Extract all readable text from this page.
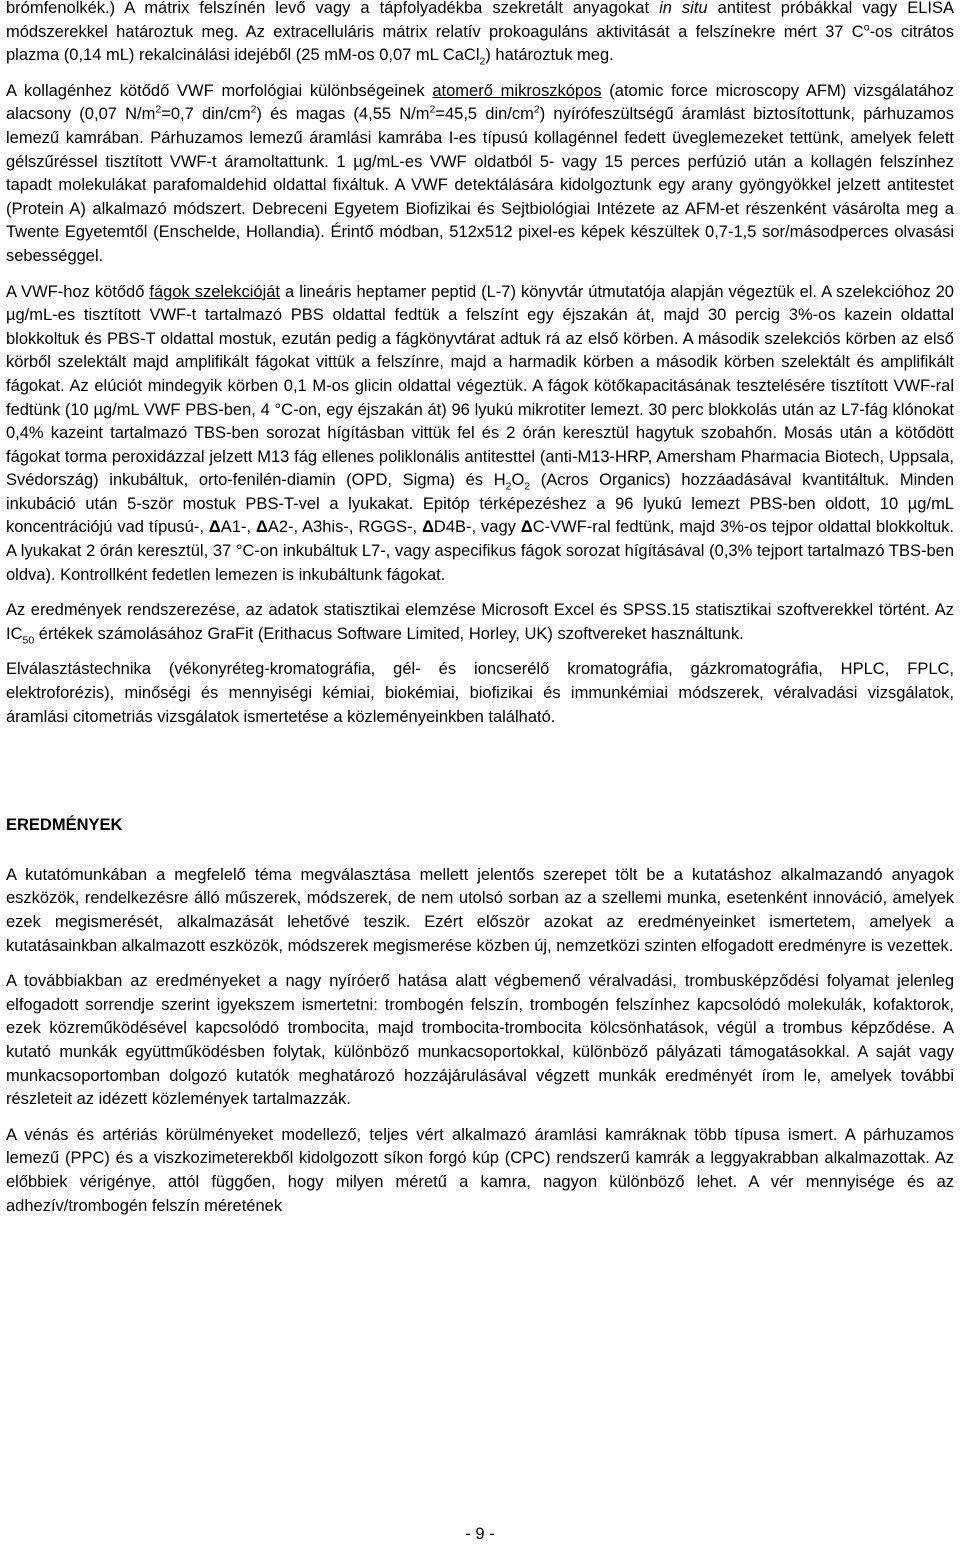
brómfenolkék.) A mátrix felszínén levő vagy a tápfolyadékba szekretált anyagokat in situ antitest próbákkal vagy ELISA módszerekkel határoztuk meg. Az extracelluláris mátrix relatív prokoaguláns aktivitását a felszínekre mért 37 $C^o-os$ citrátos plazma (0,14 mL) rekalcinálási idejéből (25 mM-os 0,07 mL CaCl$_2$) határoztuk meg.

A kollagénhez kötődő VWF morfológiai különbségeinek atomerő mikroszkópos (atomic force microscopy AFM) vizsgálatához alacsony (0,07 $N/m^2=0,7$ din/$cm^2$) és magas (4,55 $N/m^2=45,5$ din/$cm^2$) nyírófeszültségű áramlást biztosítottunk, párhuzamos lemezű kamrában. Párhuzamos lemezű áramlási kamrába I-es típusú kollagénnel fedett üveglemezeket tettünk, amelyek felett gélszűréssel tisztított VWF-t áramoltattunk. 1 µg/mL-es VWF oldatból 5- vagy 15 perces perfúzió után a kollagén felszínhez tapadt molekulákat parafomaldehid oldattal fixáltuk. A VWF detektálására kidolgoztunk egy arany gyöngyökkel jelzett antitestet (Protein A) alkalmazó módszert. Debreceni Egyetem Biofizikai és Sejtbiológiai Intézete az AFM-et részenként vásárolta meg a Twente Egyetemtől (Enschelde, Hollandia). Érintő módban, 512x512 pixel-es képek készültek 0,7-1,5 sor/másodperces olvasási sebességgel.

A VWF-hoz kötődő fágok szelekcióját a lineáris heptamer peptid (L-7) könyvtár útmutatója alapján végeztük el. A szelekcióhoz 20 µg/mL-es tisztított VWF-t tartalmazó PBS oldattal fedtük a felszínt egy éjszakán át, majd 30 percig 3%-os kazein oldattal blokkoltuk és PBS-T oldattal mostuk, ezután pedig a fágkönyvtárat adtuk rá az első körben. A második szelekciós körben az első körből szelektált majd amplifikált fágokat vittük a felszínre, majd a harmadik körben a második körben szelektált és amplifikált fágokat. Az elúciót mindegyik körben 0,1 M-os glicin oldattal végeztük. A fágok kötőkapacitásának tesztelésére tisztított VWF-ral fedtünk (10 µg/mL VWF PBS-ben, 4 °C-on, egy éjszakán át) 96 lyukú mikrotiter lemezt. 30 perc blokkolás után az L7-fág klónokat 0,4% kazeint tartalmazó TBS-ben sorozat hígításban vittük fel és 2 órán keresztül hagytuk szobahőn. Mosás után a kötődött fágokat torma peroxidázzal jelzett M13 fág ellenes poliklonális antitesttel (anti-M13-HRP, Amersham Pharmacia Biotech, Uppsala, Svédország) inkubáltuk, orto-fenilén-diamin (OPD, Sigma) és $H_2O_2$ (Acros Organics) hozzáadásával kvantitáltuk. Minden inkubáció után 5-ször mostuk PBS-T-vel a lyukakat. Epitóp térképezéshez a 96 lyukú lemezt PBS-ben oldott, 10 µg/mL koncentrációjú vad típusú-, ΔA1-, ΔA2-, A3his-, RGGS-, ΔD4B-, vagy ΔC-VWF-ral fedtünk, majd 3%-os tejpor oldattal blokkoltuk. A lyukakat 2 órán keresztül, 37 °C-on inkubáltuk L7-, vagy aspecifikus fágok sorozat hígításával (0,3% tejport tartalmazó TBS-ben oldva). Kontrollként fedetlen lemezen is inkubáltunk fágokat.

Az eredmények rendszerezése, az adatok statisztikai elemzése Microsoft Excel és SPSS.15 statisztikai szoftverekkel történt. Az $IC_{50}$ értékek számolásához GraFit (Erithacus Software Limited, Horley, UK) szoftvereket használtunk.

Elválasztástechnika (vékonyréteg-kromatográfia, gél- és ioncserélő kromatográfia, gázkromatográfia, HPLC, FPLC, elektroforézis), minőségi és mennyiségi kémiai, biokémiai, biofizikai és immunkémiai módszerek, véralvadási vizsgálatok, áramlási citometriás vizsgálatok ismertetése a közleményeinkben található.

EREDMÉNYEK

A kutatómunkában a megfelelő téma megválasztása mellett jelentős szerepet tölt be a kutatáshoz alkalmazandó anyagok eszközök, rendelkezésre álló műszerek, módszerek, de nem utolsó sorban az a szellemi munka, esetenként innováció, amelyek ezek megismerését, alkalmazását lehetővé teszik. Ezért először azokat az eredményeinket ismertetem, amelyek a kutatásainkban alkalmazott eszközök, módszerek megismerése közben új, nemzetközi szinten elfogadott eredményre is vezettek.

A továbbiakban az eredményeket a nagy nyíróerő hatása alatt végbemenő véralvadási, trombusképződési folyamat jelenleg elfogadott sorrendje szerint igyekszem ismertetni: trombogén felszín, trombogén felszínhez kapcsolódó molekulák, kofaktorok, ezek közreműködésével kapcsolódó trombocita, majd trombocita-trombocita kölcsönhatások, végül a trombus képződése. A kutató munkák együttműködésben folytak, különböző munkacsoportokkal, különböző pályázati támogatásokkal. A saját vagy munkacsoportomban dolgozó kutatók meghatározó hozzájárulásával végzett munkák eredményét írom le, amelyek további részleteit az idézett közlemények tartalmazzák.

A vénás és artériás körülményeket modellező, teljes vért alkalmazó áramlási kamráknak több típusa ismert. A párhuzamos lemezű (PPC) és a viszkozimeterekből kidolgozott síkon forgó kúp (CPC) rendszerű kamrák a leggyakrabban alkalmazottak. Az előbbiek vérigénye, attól függően, hogy milyen méretű a kamra, nagyon különböző lehet. A vér mennyisége és az adhezív/trombogén felszín méretének

- 9 -
